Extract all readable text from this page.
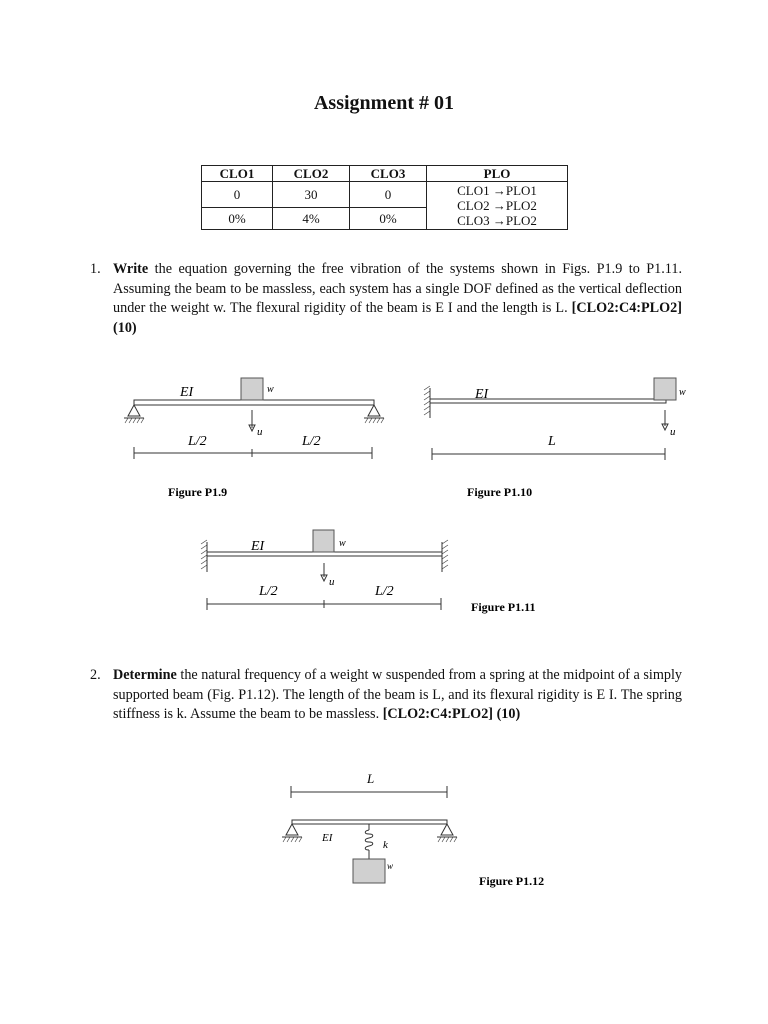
Assignment # 01
CLO1	CLO2	CLO3	PLO
0	30	0	CLO1 →PLO1
CLO2 →PLO2
CLO3 →PLO2

0%	4%	0%	
1. Write the equation governing the free vibration of the systems shown in Figs. P1.9 to P1.11. Assuming the beam to be massless, each system has a single DOF defined as the vertical deflection under the weight w. The flexural rigidity of the beam is E I and the length is L. [CLO2:C4:PLO2] (10)
EI	w
u
L/2	L/2
Figure P1.9
EI	w
u
L
Figure P1.10
EI	w
u
L/2	L/2
Figure P1.11
2. Determine the natural frequency of a weight w suspended from a spring at the midpoint of a simply supported beam (Fig. P1.12). The length of the beam is L, and its flexural rigidity is E I. The spring stiffness is k. Assume the beam to be massless. [CLO2:C4:PLO2] (10)
L
EI
k
w
Figure P1.12
